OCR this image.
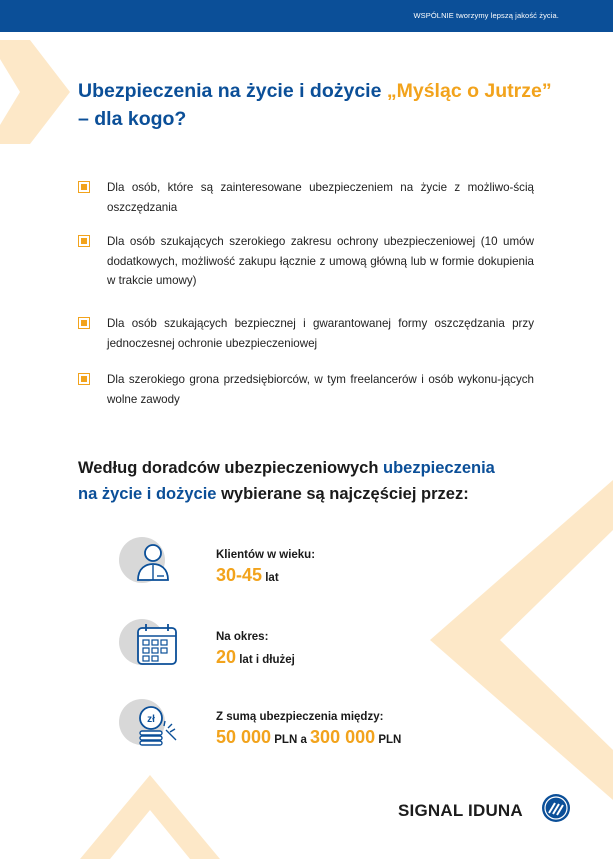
WSPÓLNIE tworzymy lepszą jakość życia.
Ubezpieczenia na życie i dożycie „Myśląc o Jutrze”
– dla kogo?
Dla osób, które są zainteresowane ubezpieczeniem na życie z możliwo-ścią oszczędzania
Dla osób szukających szerokiego zakresu ochrony ubezpieczeniowej (10 umów dodatkowych, możliwość zakupu łącznie z umową główną lub w formie dokupienia w trakcie umowy)
Dla osób szukających bezpiecznej i gwarantowanej formy oszczędzania przy jednoczesnej ochronie ubezpieczeniowej
Dla szerokiego grona przedsiębiorców, w tym freelancerów i osób wykonu-jących wolne zawody
Według doradców ubezpieczeniowych ubezpieczenia na życie i dożycie wybierane są najczęściej przez:
Klientów w wieku:
30-45 lat
Na okres:
20 lat i dłużej
zł	Z sumą ubezpieczenia między:
50 000 PLN a 300 000 PLN
SIGNAL IDUNA
